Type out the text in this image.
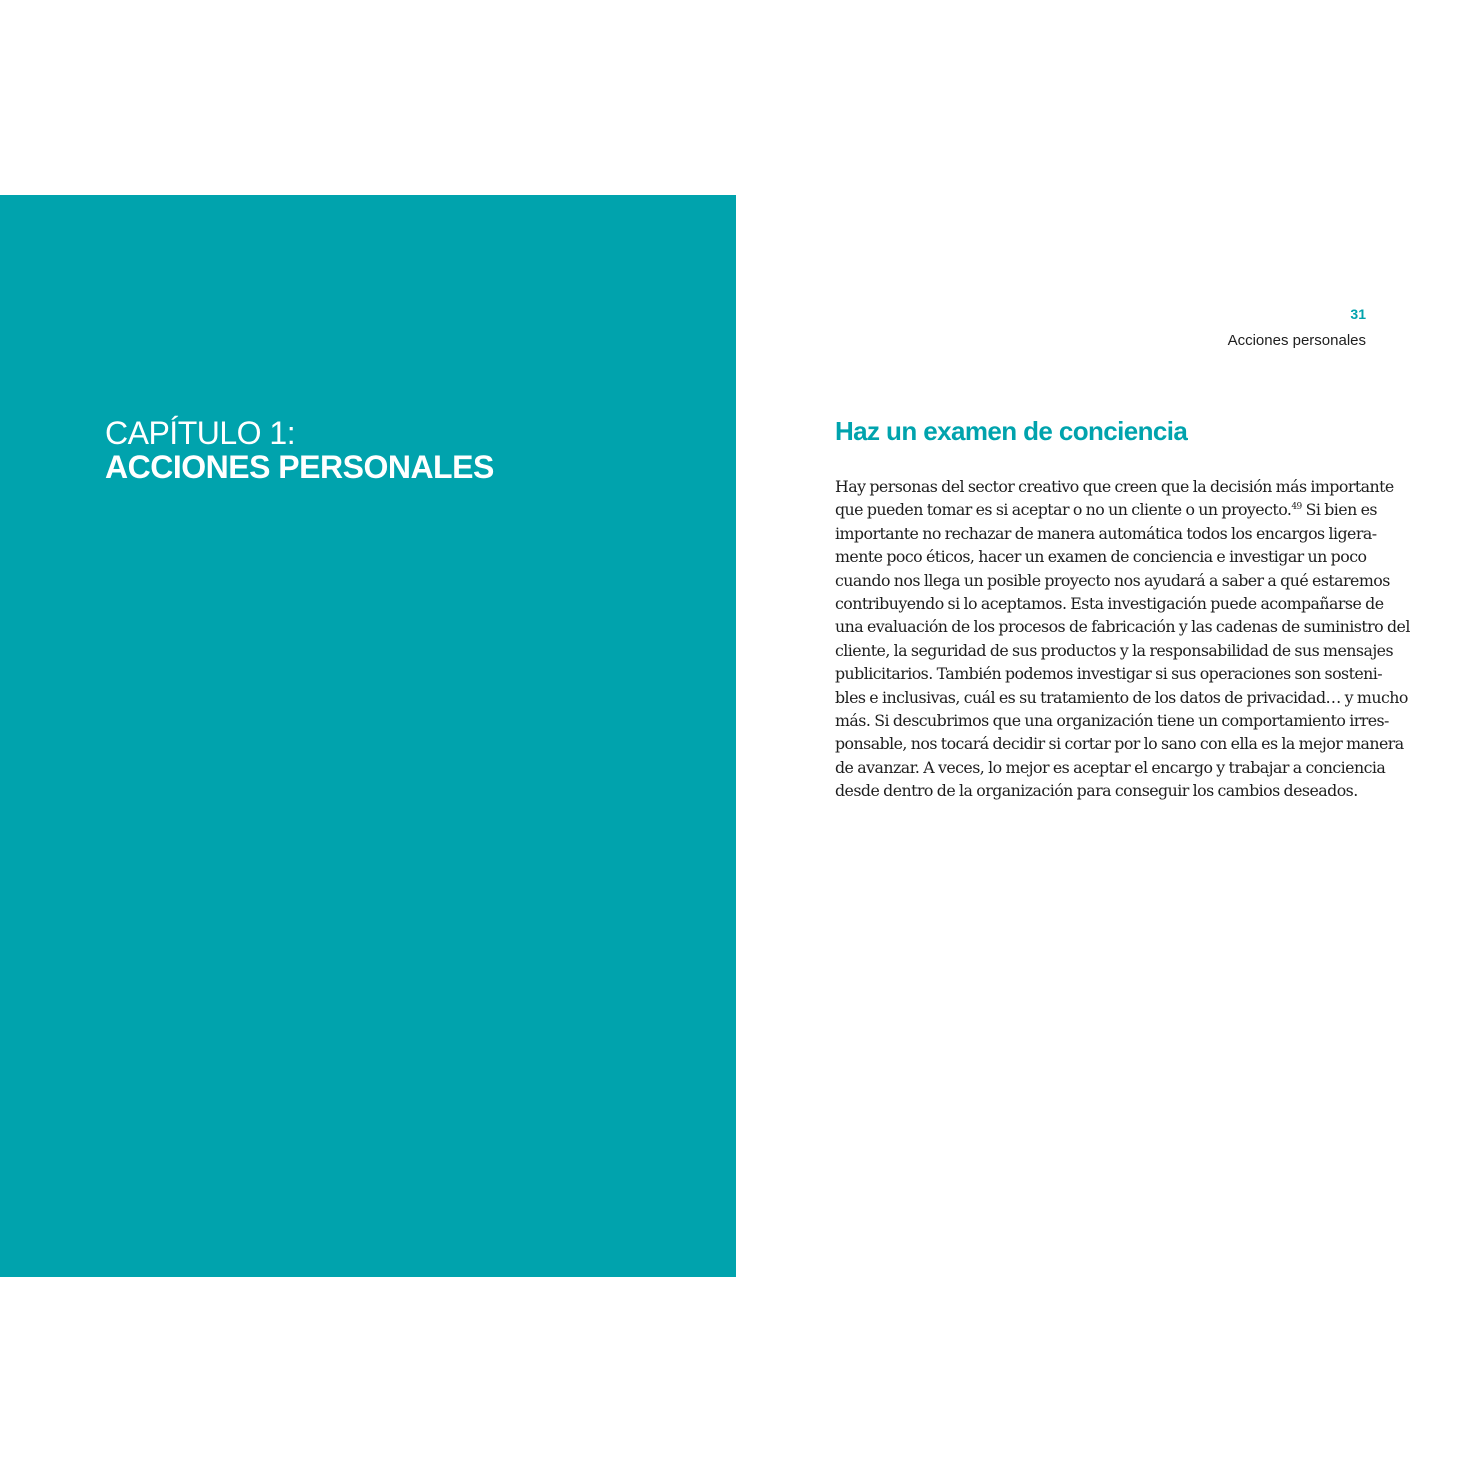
CAPÍTULO 1:
ACCIONES PERSONALES
31
Acciones personales
Haz un examen de conciencia
Hay personas del sector creativo que creen que la decisión más importante
que pueden tomar es si aceptar o no un cliente o un proyecto.$^{49}$ Si bien es
importante no rechazar de manera automática todos los encargos ligera-
mente poco éticos, hacer un examen de conciencia e investigar un poco
cuando nos llega un posible proyecto nos ayudará a saber a qué estaremos
contribuyendo si lo aceptamos. Esta investigación puede acompañarse de
una evaluación de los procesos de fabricación y las cadenas de suministro del
cliente, la seguridad de sus productos y la responsabilidad de sus mensajes
publicitarios. También podemos investigar si sus operaciones son sosteni-
bles e inclusivas, cuál es su tratamiento de los datos de privacidad… y mucho
más. Si descubrimos que una organización tiene un comportamiento irres-
ponsable, nos tocará decidir si cortar por lo sano con ella es la mejor manera
de avanzar. A veces, lo mejor es aceptar el encargo y trabajar a conciencia
desde dentro de la organización para conseguir los cambios deseados.
